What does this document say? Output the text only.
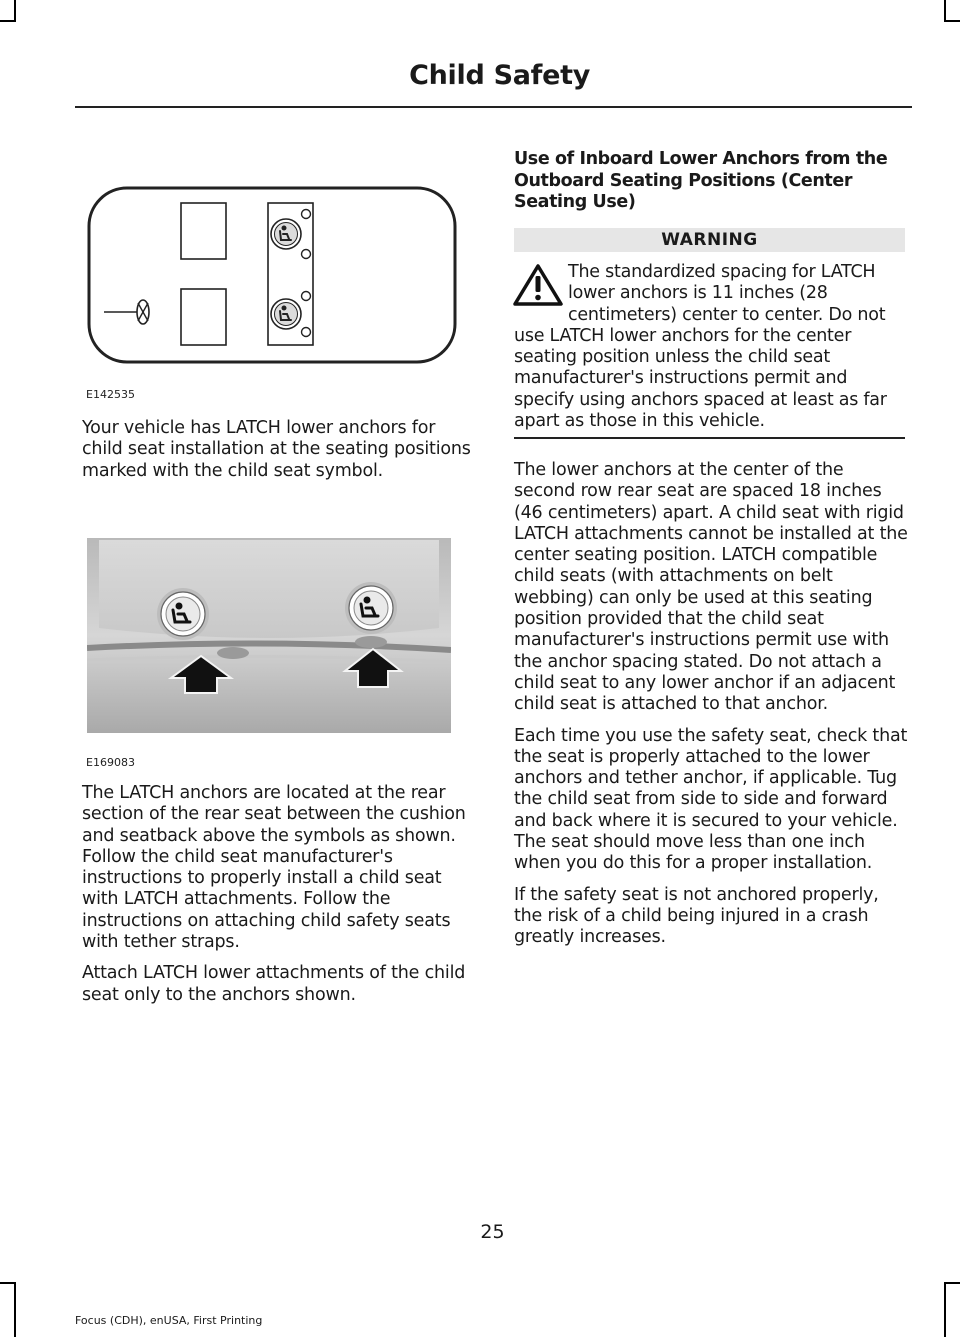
Child Safety
E142535

Your vehicle has LATCH lower anchors for child seat installation at the seating positions marked with the child seat symbol.

E169083

The LATCH anchors are located at the rear section of the rear seat between the cushion and seatback above the symbols as shown. Follow the child seat manufacturer's instructions to properly install a child seat with LATCH attachments. Follow the instructions on attaching child safety seats with tether straps.

Attach LATCH lower attachments of the child seat only to the anchors shown.

Use of Inboard Lower Anchors from the Outboard Seating Positions (Center Seating Use)
WARNING
The standardized spacing for LATCH lower anchors is 11 inches (28 centimeters) center to center. Do not use LATCH lower anchors for the center seating position unless the child seat manufacturer's instructions permit and specify using anchors spaced at least as far apart as those in this vehicle.

The lower anchors at the center of the second row rear seat are spaced 18 inches (46 centimeters) apart. A child seat with rigid LATCH attachments cannot be installed at the center seating position. LATCH compatible child seats (with attachments on belt webbing) can only be used at this seating position provided that the child seat manufacturer's instructions permit use with the anchor spacing stated. Do not attach a child seat to any lower anchor if an adjacent child seat is attached to that anchor.

Each time you use the safety seat, check that the seat is properly attached to the lower anchors and tether anchor, if applicable. Tug the child seat from side to side and forward and back where it is secured to your vehicle. The seat should move less than one inch when you do this for a proper installation.

If the safety seat is not anchored properly, the risk of a child being injured in a crash greatly increases.

25
Focus (CDH), enUSA, First Printing
